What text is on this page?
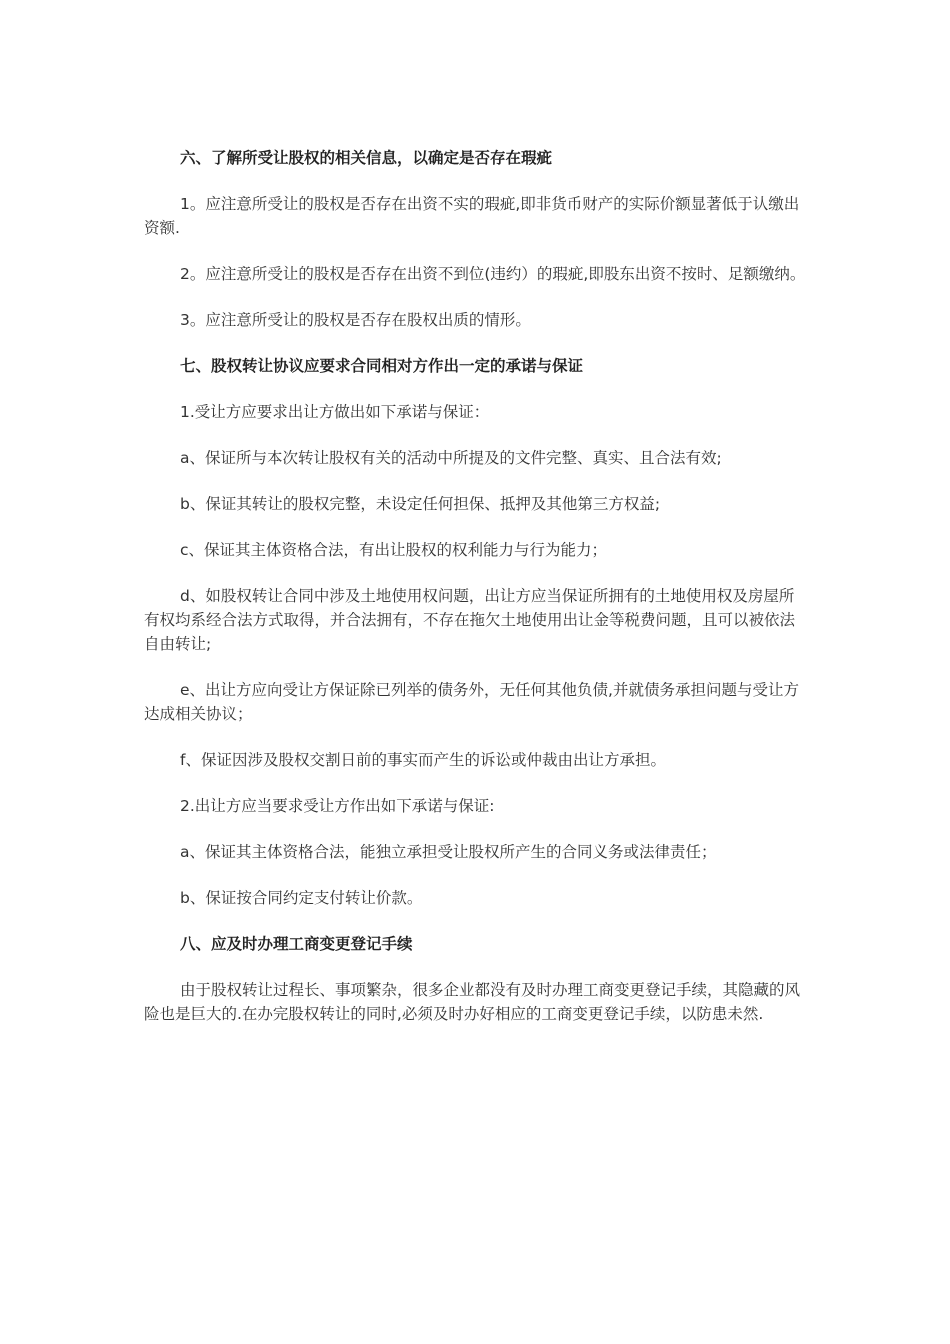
六、了解所受让股权的相关信息，以确定是否存在瑕疵

1。应注意所受让的股权是否存在出资不实的瑕疵,即非货币财产的实际价额显著低于认缴出资额.

2。应注意所受让的股权是否存在出资不到位(违约）的瑕疵,即股东出资不按时、足额缴纳。

3。应注意所受让的股权是否存在股权出质的情形。

七、股权转让协议应要求合同相对方作出一定的承诺与保证

1.受让方应要求出让方做出如下承诺与保证：

a、保证所与本次转让股权有关的活动中所提及的文件完整、真实、且合法有效;

b、保证其转让的股权完整，未设定任何担保、抵押及其他第三方权益;

c、保证其主体资格合法，有出让股权的权利能力与行为能力；

d、如股权转让合同中涉及土地使用权问题，出让方应当保证所拥有的土地使用权及房屋所有权均系经合法方式取得，并合法拥有，不存在拖欠土地使用出让金等税费问题，且可以被依法自由转让;

e、出让方应向受让方保证除已列举的债务外，无任何其他负债,并就债务承担问题与受让方达成相关协议；

f、保证因涉及股权交割日前的事实而产生的诉讼或仲裁由出让方承担。

2.出让方应当要求受让方作出如下承诺与保证:

a、保证其主体资格合法，能独立承担受让股权所产生的合同义务或法律责任；

b、保证按合同约定支付转让价款。

八、应及时办理工商变更登记手续

由于股权转让过程长、事项繁杂，很多企业都没有及时办理工商变更登记手续，其隐藏的风险也是巨大的.在办完股权转让的同时,必须及时办好相应的工商变更登记手续，以防患未然.
